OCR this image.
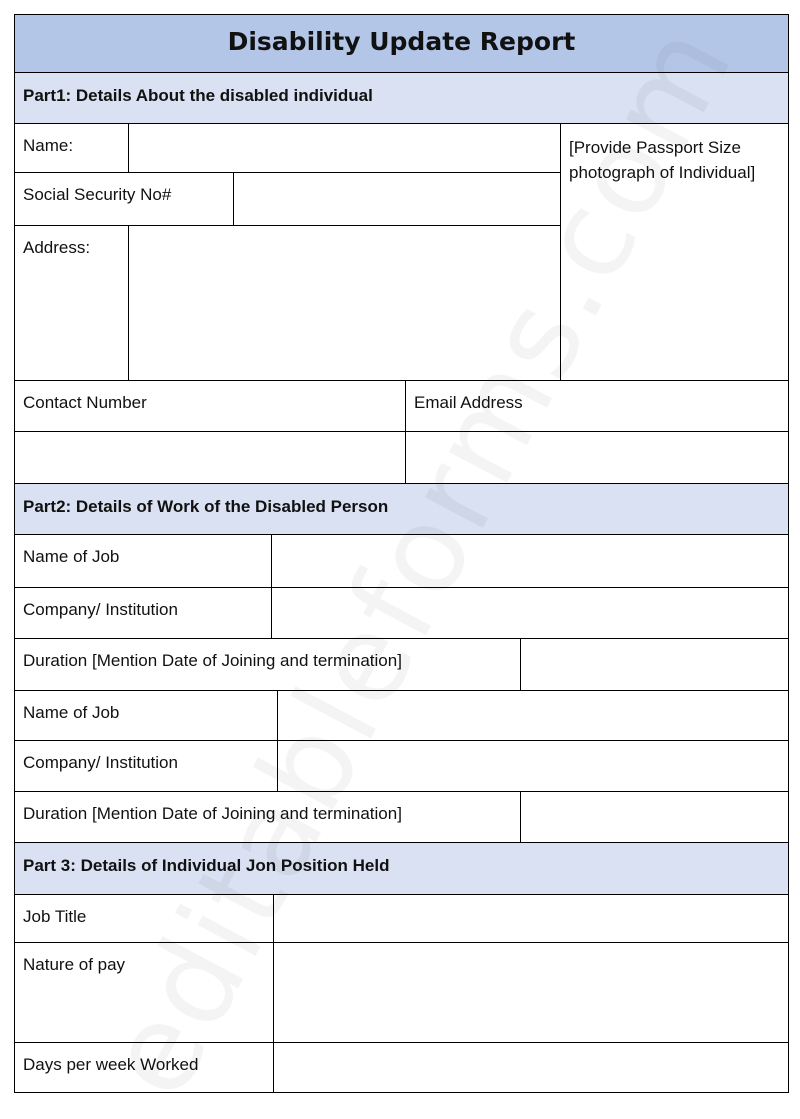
Disability Update Report
Part1: Details About the disabled individual
Name:
Social Security No#
Address:
[Provide Passport Size photograph of Individual]
Contact Number	Email Address
Part2: Details of Work of the Disabled Person
Name of Job
Company/ Institution
Duration [Mention Date of Joining and termination]
Name of Job
Company/ Institution
Duration [Mention Date of Joining and termination]
Part 3: Details of Individual Jon Position Held
Job Title
Nature of pay
Days per week Worked
